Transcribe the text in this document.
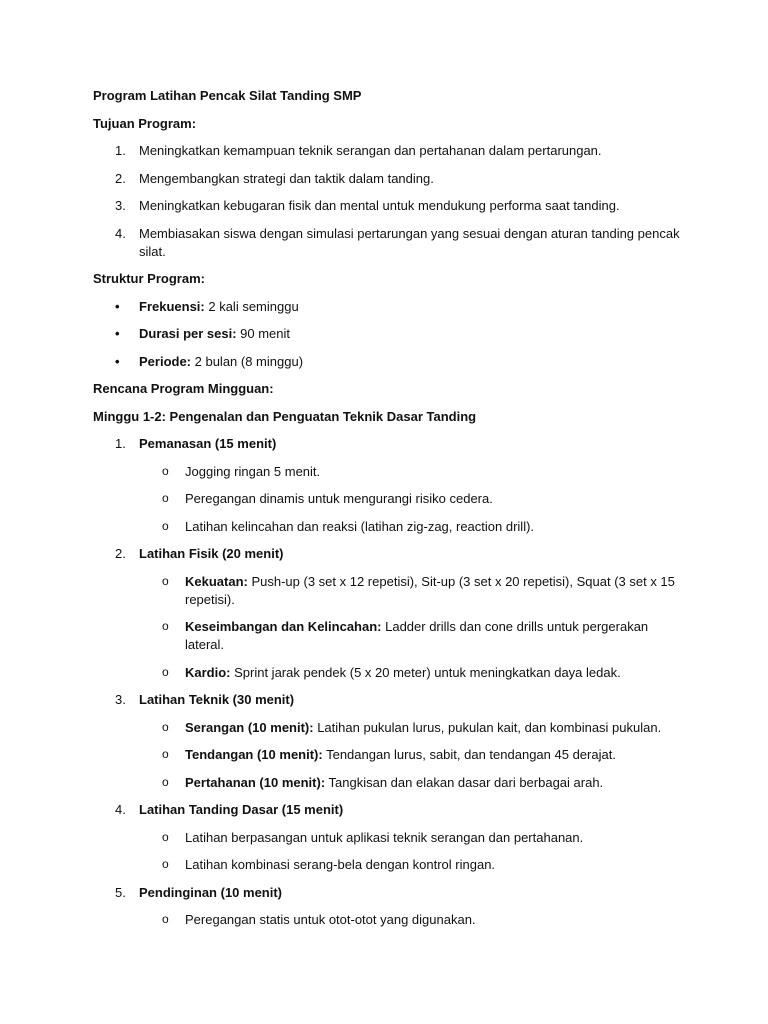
Program Latihan Pencak Silat Tanding SMP

Tujuan Program:

1. Meningkatkan kemampuan teknik serangan dan pertahanan dalam pertarungan.
2. Mengembangkan strategi dan taktik dalam tanding.
3. Meningkatkan kebugaran fisik dan mental untuk mendukung performa saat tanding.
4. Membiasakan siswa dengan simulasi pertarungan yang sesuai dengan aturan tanding pencak silat.

Struktur Program:

• Frekuensi: 2 kali seminggu
• Durasi per sesi: 90 menit
• Periode: 2 bulan (8 minggu)

Rencana Program Mingguan:

Minggu 1-2: Pengenalan dan Penguatan Teknik Dasar Tanding

1. Pemanasan (15 menit)
o Jogging ringan 5 menit.
o Peregangan dinamis untuk mengurangi risiko cedera.
o Latihan kelincahan dan reaksi (latihan zig-zag, reaction drill).
2. Latihan Fisik (20 menit)
o Kekuatan: Push-up (3 set x 12 repetisi), Sit-up (3 set x 20 repetisi), Squat (3 set x 15 repetisi).
o Keseimbangan dan Kelincahan: Ladder drills dan cone drills untuk pergerakan lateral.
o Kardio: Sprint jarak pendek (5 x 20 meter) untuk meningkatkan daya ledak.
3. Latihan Teknik (30 menit)
o Serangan (10 menit): Latihan pukulan lurus, pukulan kait, dan kombinasi pukulan.
o Tendangan (10 menit): Tendangan lurus, sabit, dan tendangan 45 derajat.
o Pertahanan (10 menit): Tangkisan dan elakan dasar dari berbagai arah.
4. Latihan Tanding Dasar (15 menit)
o Latihan berpasangan untuk aplikasi teknik serangan dan pertahanan.
o Latihan kombinasi serang-bela dengan kontrol ringan.
5. Pendinginan (10 menit)
o Peregangan statis untuk otot-otot yang digunakan.
